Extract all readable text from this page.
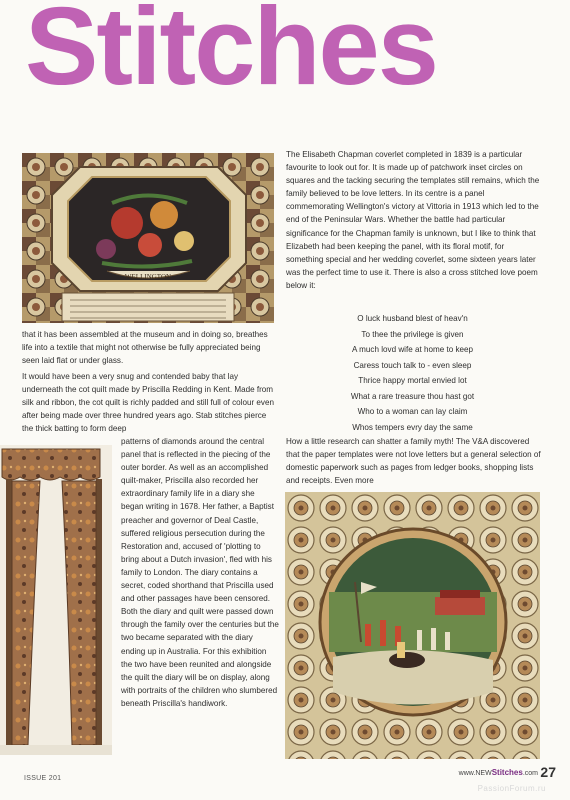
Stitches
WELLINGTON
The Elisabeth Chapman coverlet completed in 1839 is a particular favourite to look out for. It is made up of patchwork inset circles on squares and the tacking securing the templates still remains, which the family believed to be love letters. In its centre is a panel commemorating Wellington's victory at Vittoria in 1913 which led to the end of the Peninsular Wars. Whether the battle had particular significance for the Chapman family is unknown, but I like to think that Elizabeth had been keeping the panel, with its floral motif, for something special and her wedding coverlet, some sixteen years later was the perfect time to use it. There is also a cross stitched love poem below it:
O luck husband blest of heav'n
To thee the privilege is given
A much lovd wife at home to keep
Caress touch talk to - even sleep
Thrice happy mortal envied lot
What a rare treasure thou hast got
Who to a woman can lay claim
Whos tempers evry day the same
How a little research can shatter a family myth! The V&A discovered that the paper templates were not love letters but a general selection of domestic paperwork such as pages from ledger books, shopping lists and receipts. Even more
that it has been assembled at the museum and in doing so, breathes life into a textile that might not otherwise be fully appreciated being seen laid flat or under glass.
It would have been a very snug and contended baby that lay underneath the cot quilt made by Priscilla Redding in Kent. Made from silk and ribbon, the cot quilt is richly padded and still full of colour even after being made over three hundred years ago. Stab stitches pierce the thick batting to form deep
patterns of diamonds around the central panel that is reflected in the piecing of the outer border. As well as an accomplished quilt-maker, Priscilla also recorded her extraordinary family life in a diary she began writing in 1678. Her father, a Baptist preacher and governor of Deal Castle, suffered religious persecution during the Restoration and, accused of 'plotting to bring about a Dutch invasion', fled with his family to London. The diary contains a secret, coded shorthand that Priscilla used and other passages have been censored. Both the diary and quilt were passed down through the family over the centuries but the two became separated with the diary ending up in Australia. For this exhibition the two have been reunited and alongside the quilt the diary will be on display, along with portraits of the children who slumbered beneath Priscilla's handiwork.
ISSUE 201
www.NEWStitches.com 27
PassionForum.ru
